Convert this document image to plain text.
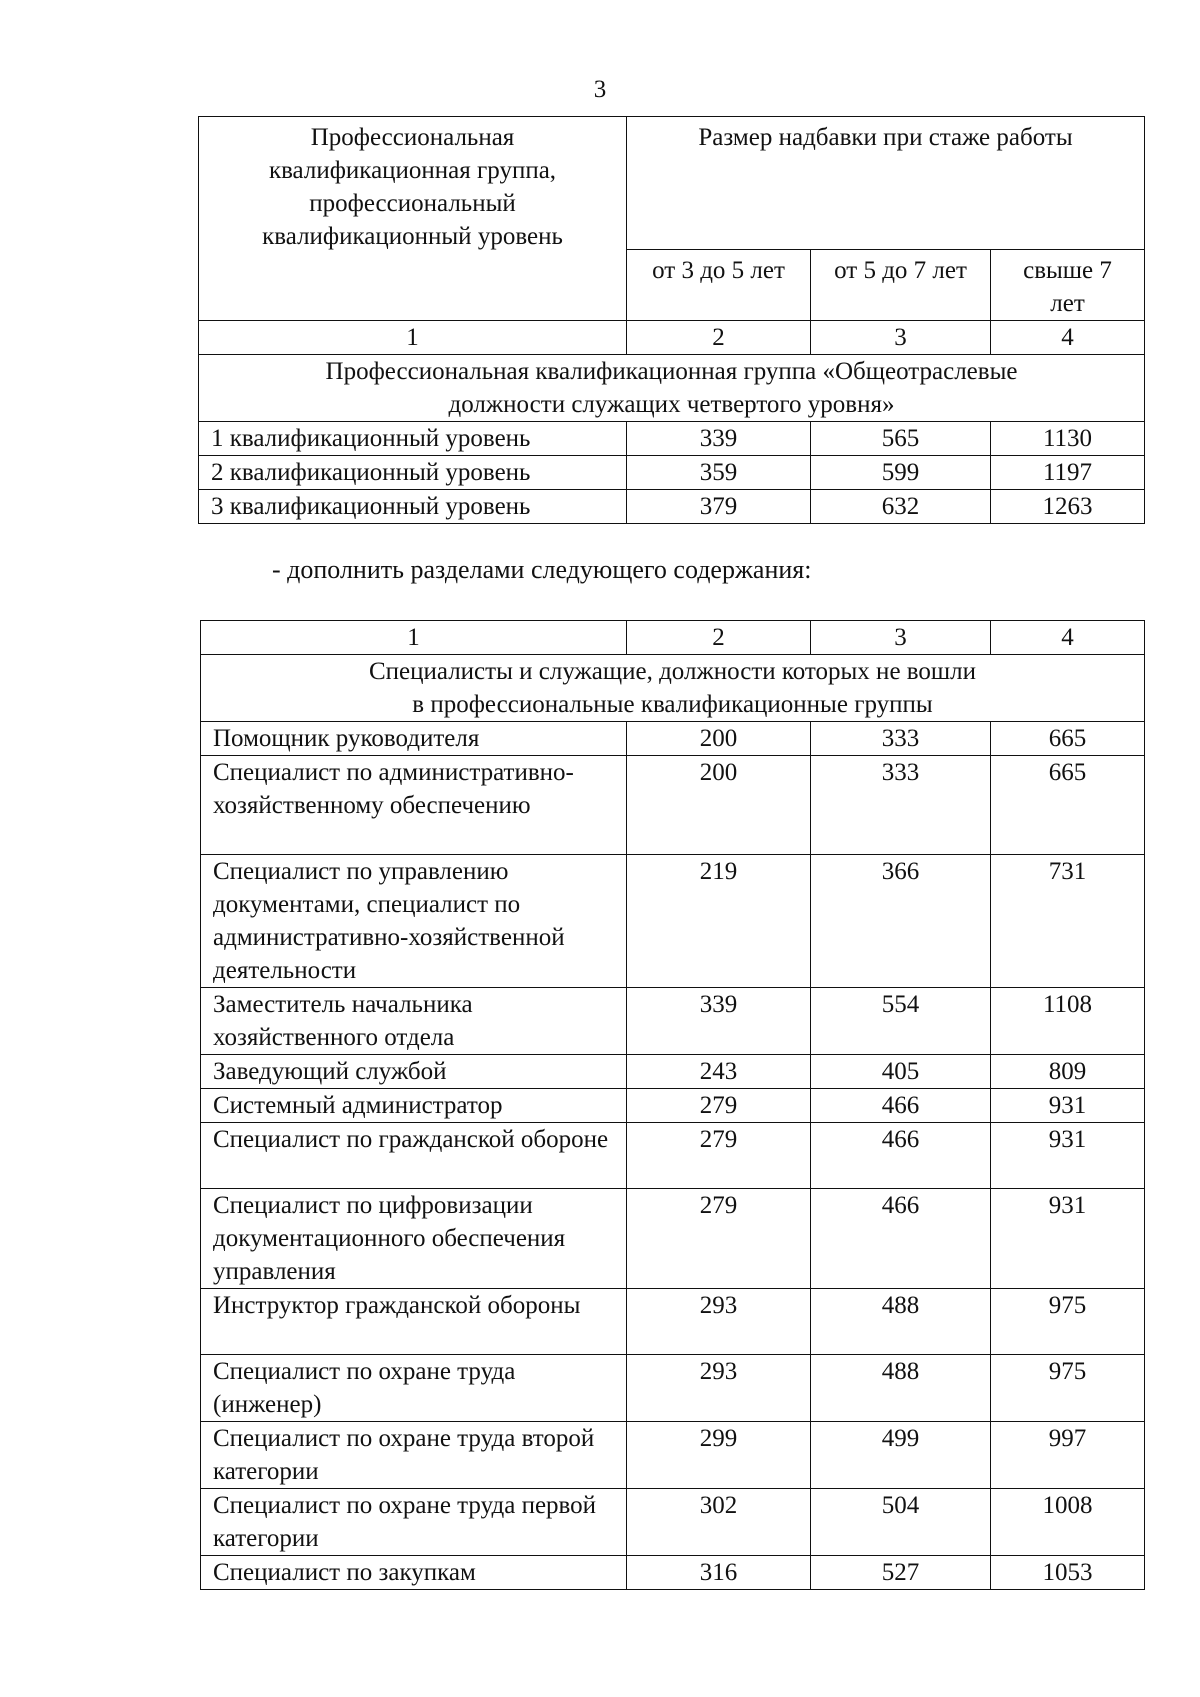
3
Профессиональная
квалификационная группа,
профессиональный
квалификационный уровень	Размер надбавки при стаже работы		
	от 3 до 5 лет	от 5 до 7 лет	свыше 7 лет
1	2	3	4

Профессиональная квалификационная группа «Общеотраслевые
должности служащих четвертого уровня»			

1 квалификационный уровень	339	565	1130
2 квалификационный уровень	359	599	1197
3 квалификационный уровень	379	632	1263
- дополнить разделами следующего содержания:
1	2	3	4

Специалисты и служащие, должности которых не вошли
в профессиональные квалификационные группы			

Помощник руководителя	200	333	665
Специалист по административно-хозяйственному обеспечению	200	333	665
Специалист по управлению документами, специалист по административно-хозяйственной деятельности	219	366	731
Заместитель начальника хозяйственного отдела	339	554	1108
Заведующий службой	243	405	809
Системный администратор	279	466	931
Специалист по гражданской обороне	279	466	931
Специалист по цифровизации документационного обеспечения управления	279	466	931
Инструктор гражданской обороны	293	488	975
Специалист по охране труда (инженер)	293	488	975
Специалист по охране труда второй категории	299	499	997
Специалист по охране труда первой категории	302	504	1008
Специалист по закупкам	316	527	1053
